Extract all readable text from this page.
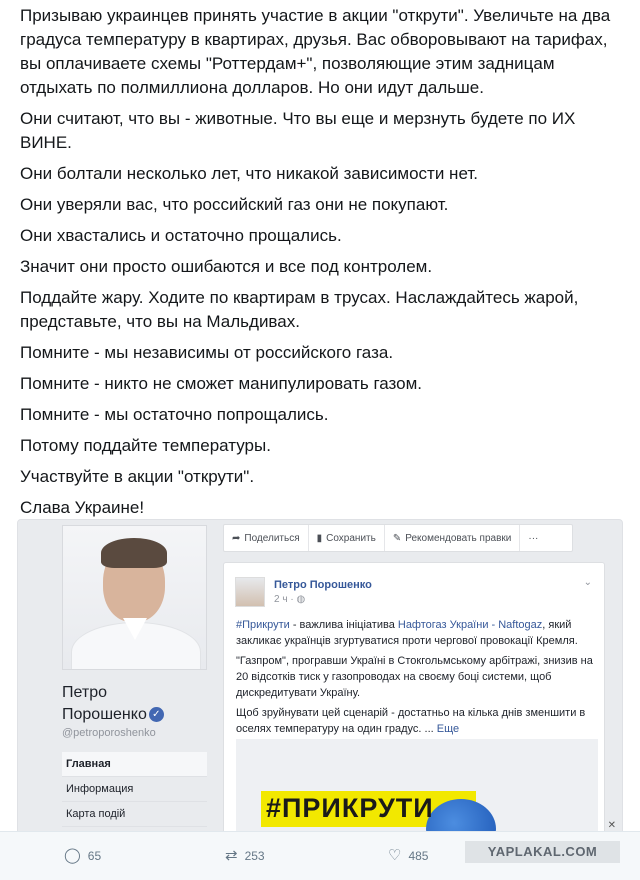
Призываю украинцев принять участие в акции "открути". Увеличьте на два градуса температуру в квартирах, друзья. Вас обворовывают на тарифах, вы оплачиваете схемы "Роттердам+", позволяющие этим задницам отдыхать по полмиллиона долларов. Но они идут дальше.

Они считают, что вы - животные. Что вы еще и мерзнуть будете по ИХ ВИНЕ.

Они болтали несколько лет, что никакой зависимости нет.

Они уверяли вас, что российский газ они не покупают.

Они хвастались и остаточно прощались.

Значит они просто ошибаются и все под контролем.

Поддайте жару. Ходите по квартирам в трусах. Наслаждайтесь жарой, представьте, что вы на Мальдивах.

Помните - мы независимы от российского газа.

Помните - никто не сможет манипулировать газом.

Помните - мы остаточно попрощались.

Потому поддайте температуры.

Участвуйте в акции "открути".

Слава Украине!

Петро
Порошенко ✓
@petroporoshenko
Главная
Информация
Карта подій
➦ Поделиться ▮ Сохранить ✎ Рекомендовать правки	···
Петро Порошенко
2 ч · ◍
⌄

#Прикрути - важлива ініціатива Нафтогаз України - Naftogaz, який закликає українців згуртуватися проти чергової провокації Кремля.

"Газпром", програвши Україні в Стокгольмському арбітражі, знизив на 20 відсотків тиск у газопроводах на своєму боці системи, щоб дискредитувати Україну.

Щоб зруйнувати цей сценарій - достатньо на кілька днів зменшити в оселях температуру на один градус. ... Еще

#ПРИКРУТИ
✕
◯ 65	⇄ 253	♡ 485	YAPLAKAL.COM
